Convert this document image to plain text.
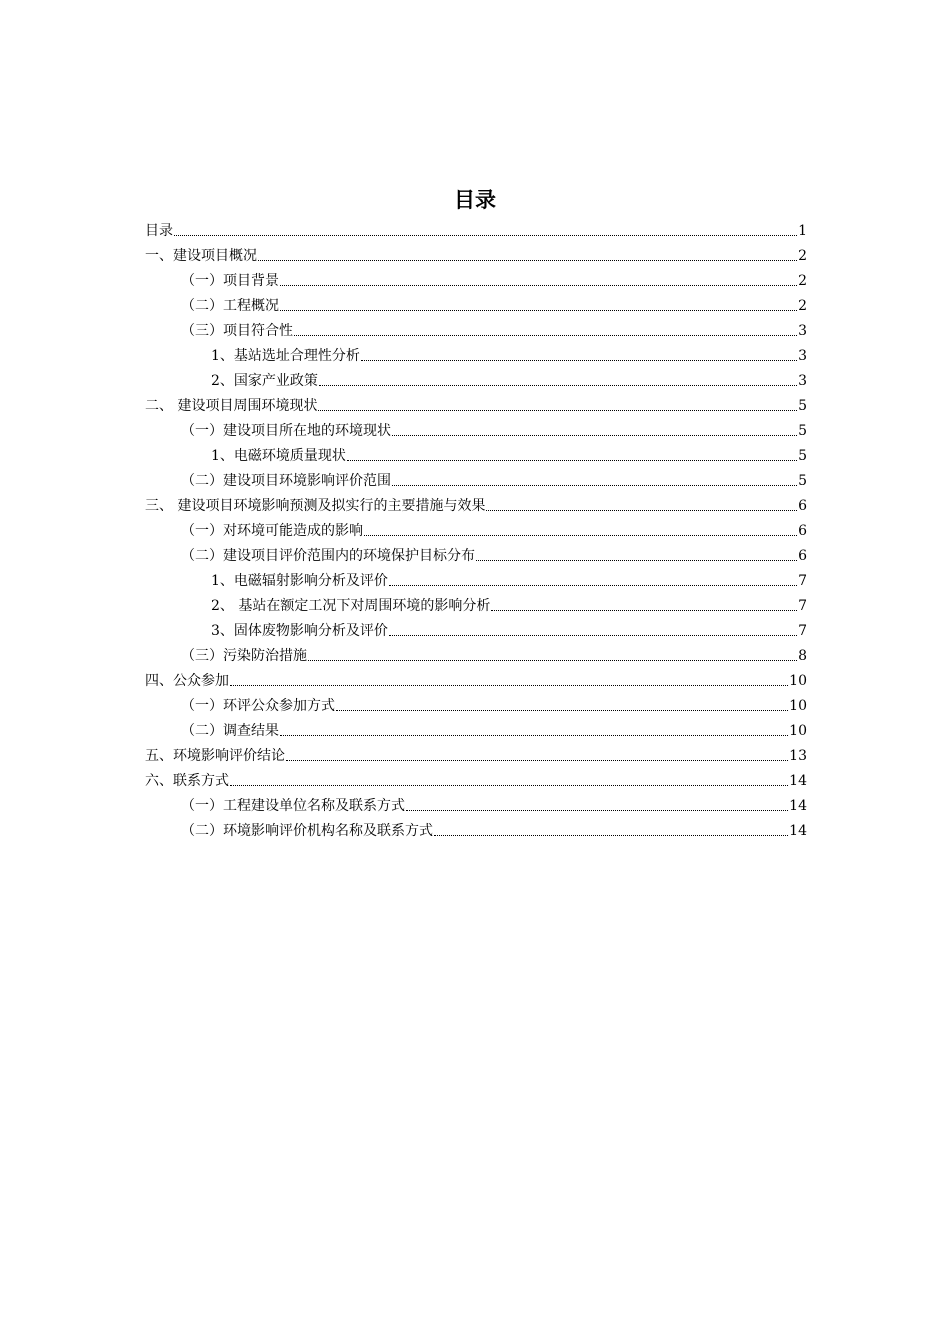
目录
目录	1
一、建设项目概况	2
（一）项目背景	2
（二）工程概况	2
（三）项目符合性	3
1、基站选址合理性分析	3
2、国家产业政策	3
二、 建设项目周围环境现状	5
（一）建设项目所在地的环境现状	5
1、电磁环境质量现状	5
（二）建设项目环境影响评价范围	5
三、 建设项目环境影响预测及拟实行的主要措施与效果	6
（一）对环境可能造成的影响	6
（二）建设项目评价范围内的环境保护目标分布	6
1、电磁辐射影响分析及评价	7
2、 基站在额定工况下对周围环境的影响分析	7
3、固体废物影响分析及评价	7
（三）污染防治措施	8
四、公众参加	10
（一）环评公众参加方式	10
（二）调查结果	10
五、环境影响评价结论	13
六、联系方式	14
（一）工程建设单位名称及联系方式	14
（二）环境影响评价机构名称及联系方式	14
